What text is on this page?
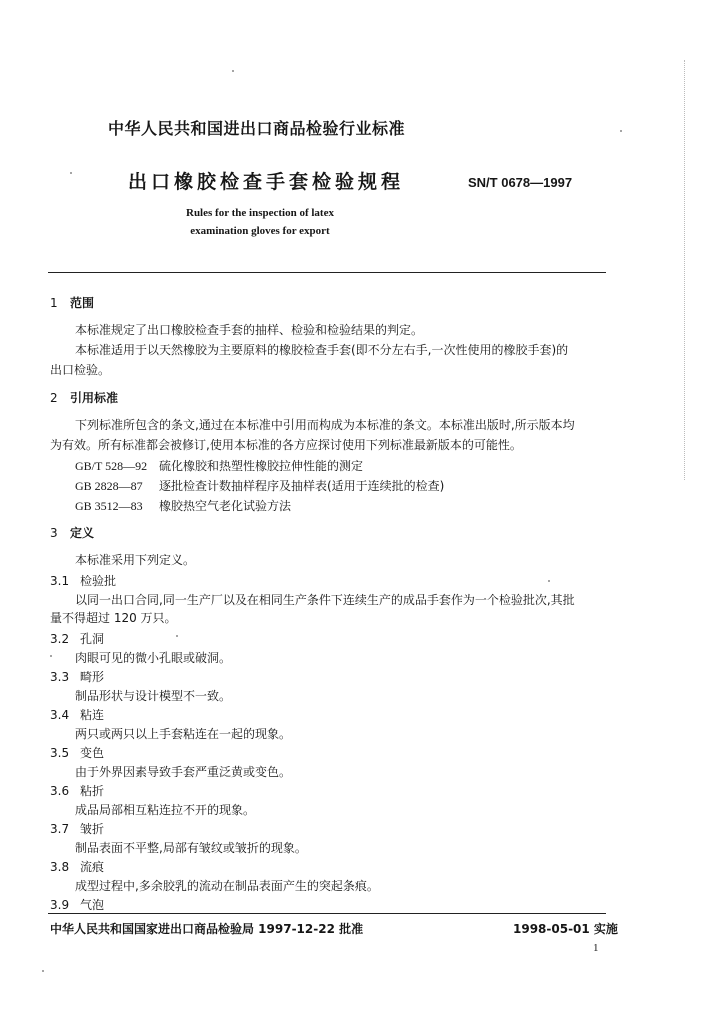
中华人民共和国进出口商品检验行业标准
出口橡胶检查手套检验规程	SN/T 0678—1997
Rules for the inspection of latex
examination gloves for export
1 范围
本标准规定了出口橡胶检查手套的抽样、检验和检验结果的判定。
本标准适用于以天然橡胶为主要原料的橡胶检查手套(即不分左右手,一次性使用的橡胶手套)的
出口检验。
2 引用标准
下列标准所包含的条文,通过在本标准中引用而构成为本标准的条文。本标准出版时,所示版本均
为有效。所有标准都会被修订,使用本标准的各方应探讨使用下列标准最新版本的可能性。
GB/T 528—92 硫化橡胶和热塑性橡胶拉伸性能的测定
GB 2828—87 逐批检查计数抽样程序及抽样表(适用于连续批的检查)
GB 3512—83 橡胶热空气老化试验方法
3 定义
本标准采用下列定义。
3.1 检验批
以同一出口合同,同一生产厂以及在相同生产条件下连续生产的成品手套作为一个检验批次,其批
量不得超过 120 万只。
3.2 孔洞
肉眼可见的微小孔眼或破洞。
3.3 畸形
制品形状与设计模型不一致。
3.4 粘连
两只或两只以上手套粘连在一起的现象。
3.5 变色
由于外界因素导致手套严重泛黄或变色。
3.6 粘折
成品局部相互粘连拉不开的现象。
3.7 皱折
制品表面不平整,局部有皱纹或皱折的现象。
3.8 流痕
成型过程中,多余胶乳的流动在制品表面产生的突起条痕。
3.9 气泡
中华人民共和国国家进出口商品检验局 1997-12-22 批准	1998-05-01 实施
1
